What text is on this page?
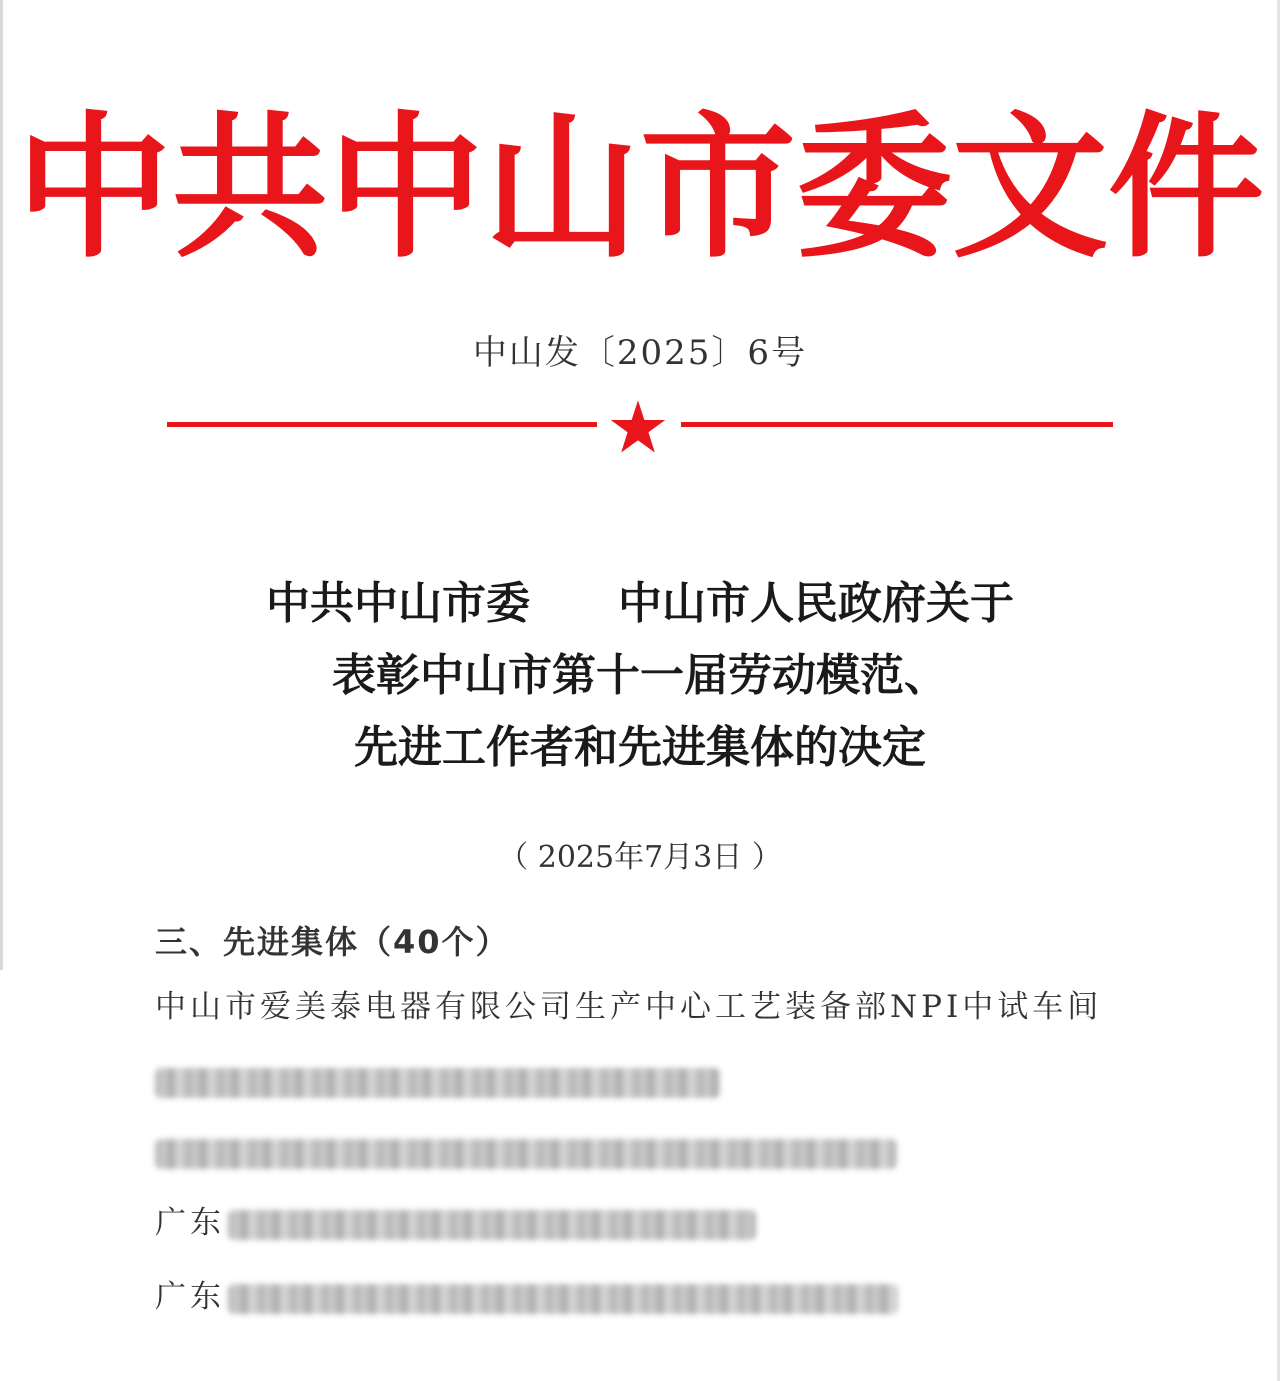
中共中山市委文件
中山发〔2025〕6号
中共中山市委　　中山市人民政府关于
表彰中山市第十一届劳动模范、
先进工作者和先进集体的决定
（ 2025年7月3日 ）
三、先进集体（40个）
中山市爱美泰电器有限公司生产中心工艺装备部NPI中试车间
广东
广东
